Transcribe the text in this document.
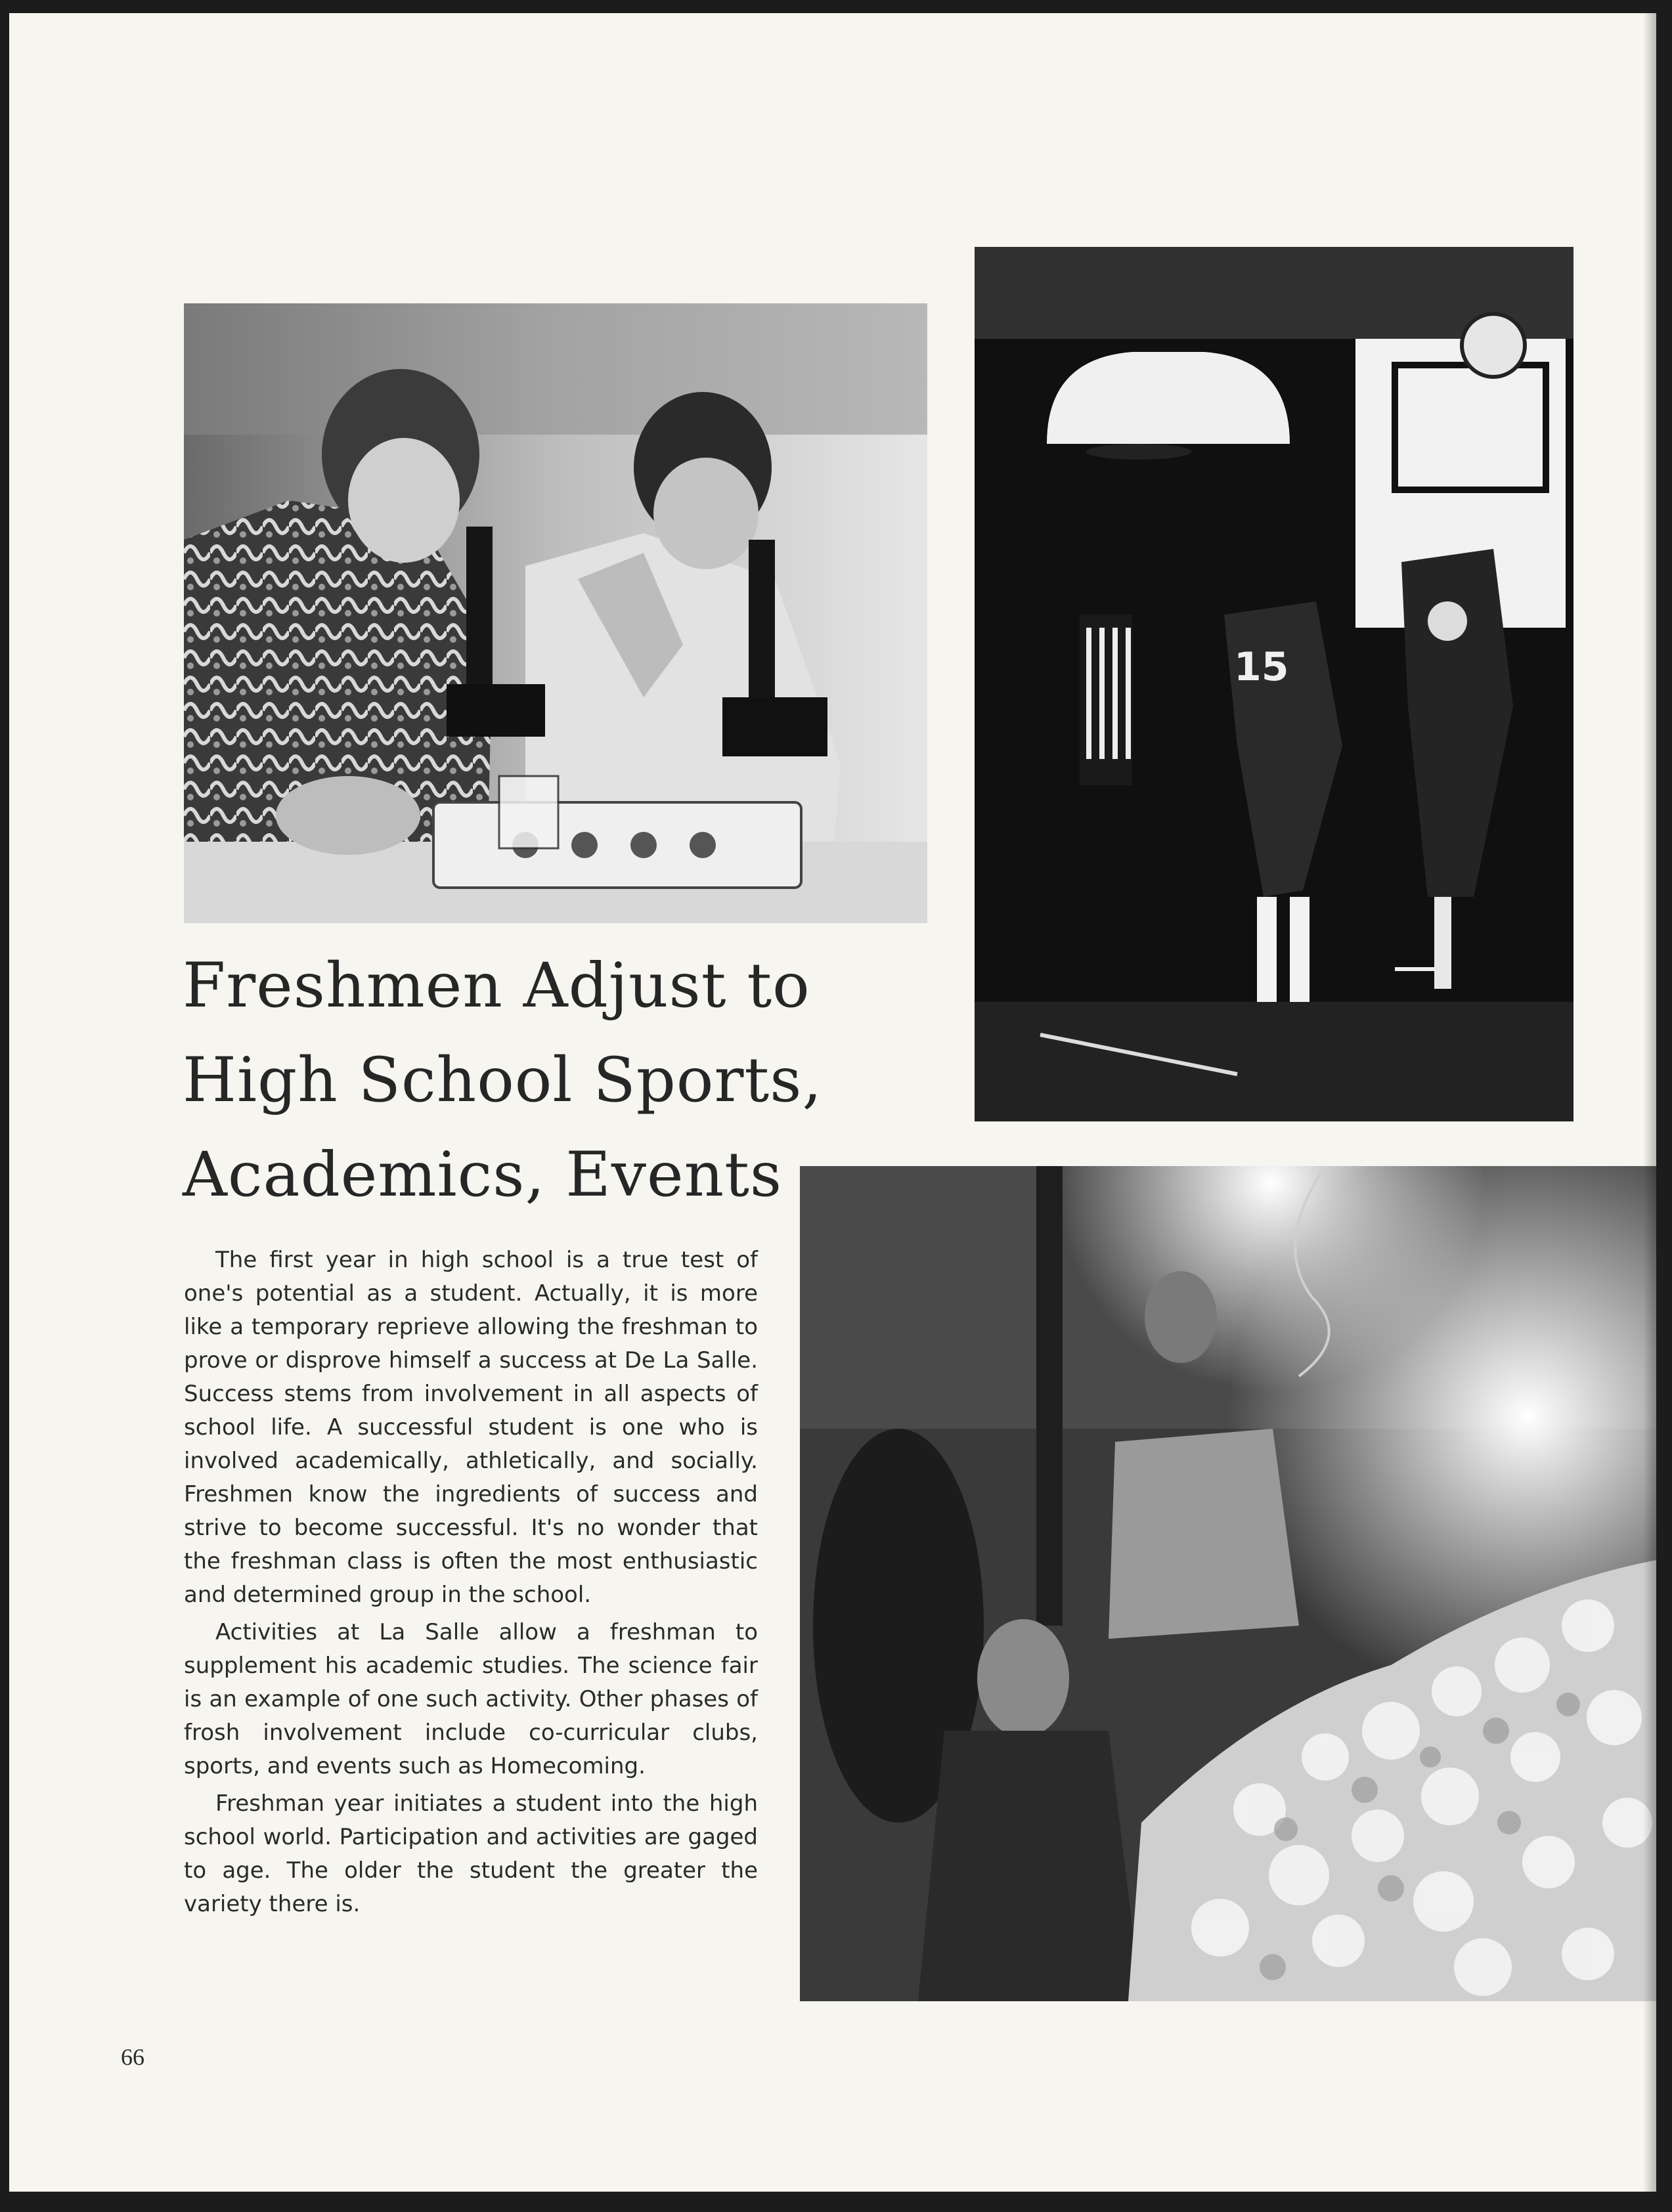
15
Freshmen Adjust to
High School Sports,
Academics, Events

The first year in high school is a true test of one's potential as a student. Actually, it is more like a temporary reprieve allowing the freshman to prove or disprove himself a success at De La Salle. Success stems from involvement in all aspects of school life. A successful student is one who is involved academically, athletically, and socially. Freshmen know the ingredients of success and strive to become successful. It's no wonder that the freshman class is often the most enthusiastic and determined group in the school.

Activities at La Salle allow a freshman to supplement his academic studies. The science fair is an example of one such activity. Other phases of frosh involvement include co-curricular clubs, sports, and events such as Homecoming.

Freshman year initiates a student into the high school world. Participation and activities are gaged to age. The older the student the greater the variety there is.

66
